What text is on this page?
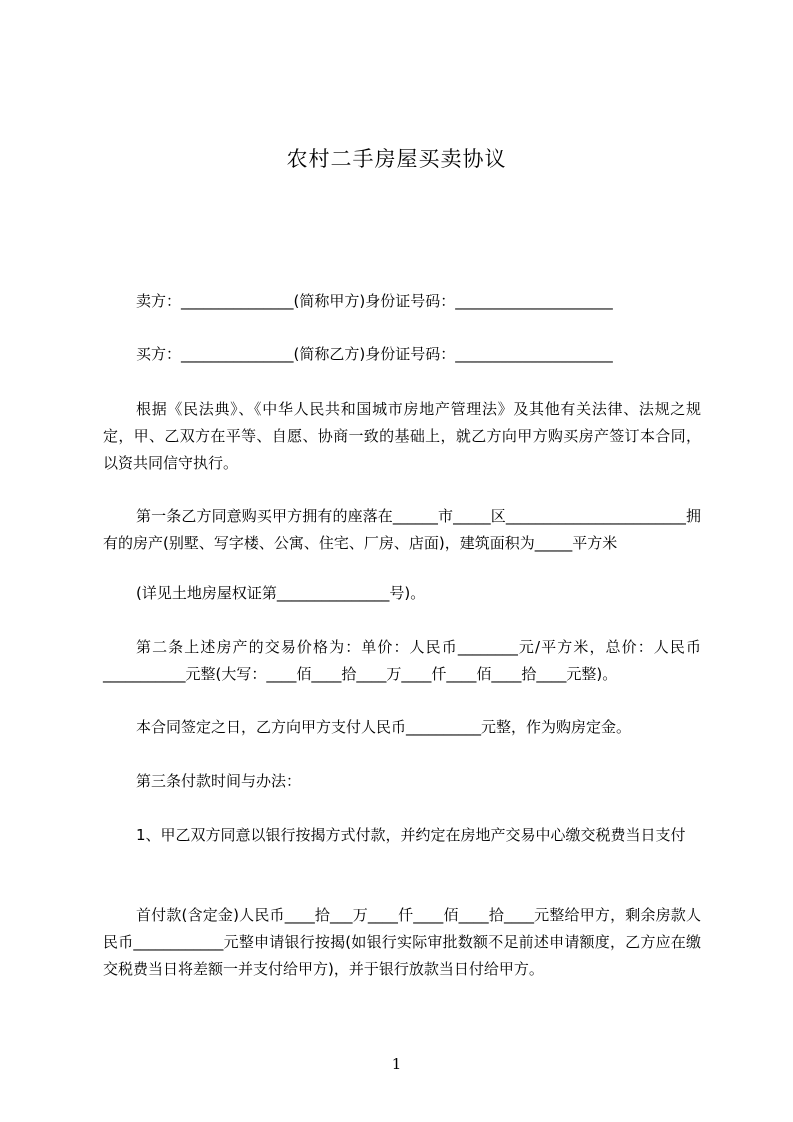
农村二手房屋买卖协议
卖方：_______________(简称甲方)身份证号码：_____________________
买方：_______________(简称乙方)身份证号码：_____________________
根据《民法典》、《中华人民共和国城市房地产管理法》及其他有关法律、法规之规定，甲、乙双方在平等、自愿、协商一致的基础上，就乙方向甲方购买房产签订本合同，以资共同信守执行。
第一条乙方同意购买甲方拥有的座落在______市_____区________________________拥有的房产(别墅、写字楼、公寓、住宅、厂房、店面)，建筑面积为_____平方米
(详见土地房屋权证第_______________号)。
第二条上述房产的交易价格为：单价：人民币________元/平方米，总价：人民币___________元整(大写：____佰____拾____万____仟____佰____拾____元整)。
本合同签定之日，乙方向甲方支付人民币__________元整，作为购房定金。
第三条付款时间与办法：
1、甲乙双方同意以银行按揭方式付款，并约定在房地产交易中心缴交税费当日支付
首付款(含定金)人民币____拾___万____仟____佰____拾____元整给甲方，剩余房款人民币____________元整申请银行按揭(如银行实际审批数额不足前述申请额度，乙方应在缴交税费当日将差额一并支付给甲方)，并于银行放款当日付给甲方。
1
